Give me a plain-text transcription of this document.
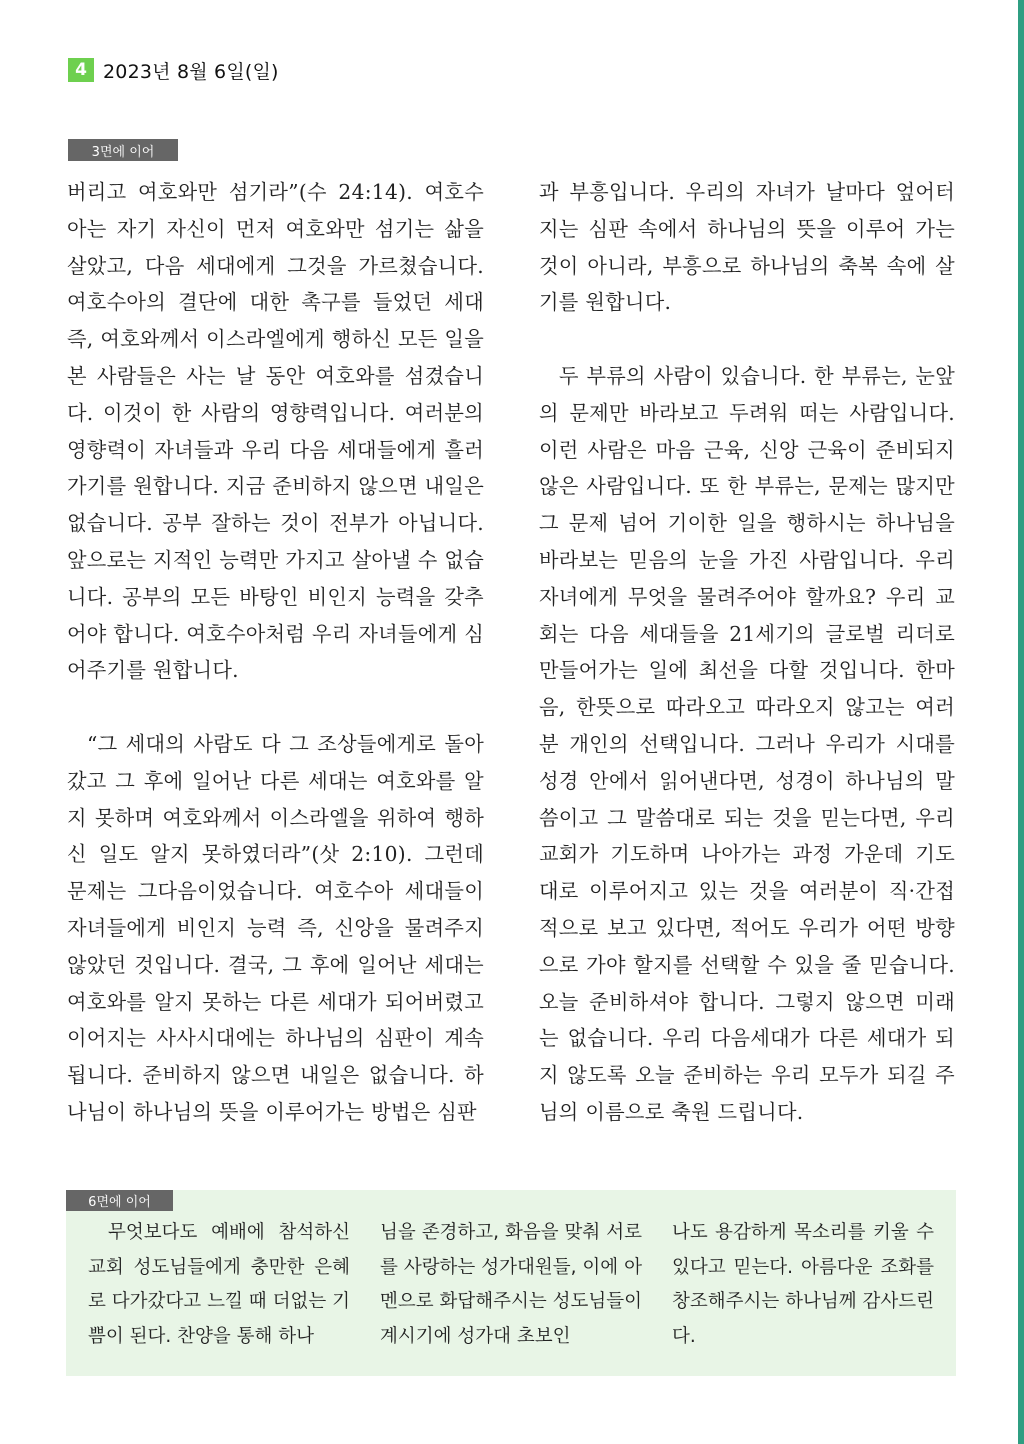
4 2023년 8월 6일(일)
3면에 이어

버리고 여호와만 섬기라”(수 24:14). 여호수아는 자기 자신이 먼저 여호와만 섬기는 삶을 살았고, 다음 세대에게 그것을 가르쳤습니다. 여호수아의 결단에 대한 촉구를 들었던 세대 즉, 여호와께서 이스라엘에게 행하신 모든 일을 본 사람들은 사는 날 동안 여호와를 섬겼습니다. 이것이 한 사람의 영향력입니다. 여러분의 영향력이 자녀들과 우리 다음 세대들에게 흘러가기를 원합니다. 지금 준비하지 않으면 내일은 없습니다. 공부 잘하는 것이 전부가 아닙니다. 앞으로는 지적인 능력만 가지고 살아낼 수 없습니다. 공부의 모든 바탕인 비인지 능력을 갖추어야 합니다. 여호수아처럼 우리 자녀들에게 심어주기를 원합니다.

“그 세대의 사람도 다 그 조상들에게로 돌아갔고 그 후에 일어난 다른 세대는 여호와를 알지 못하며 여호와께서 이스라엘을 위하여 행하신 일도 알지 못하였더라”(삿 2:10). 그런데 문제는 그다음이었습니다. 여호수아 세대들이 자녀들에게 비인지 능력 즉, 신앙을 물려주지 않았던 것입니다. 결국, 그 후에 일어난 세대는 여호와를 알지 못하는 다른 세대가 되어버렸고 이어지는 사사시대에는 하나님의 심판이 계속됩니다. 준비하지 않으면 내일은 없습니다. 하나님이 하나님의 뜻을 이루어가는 방법은 심판

과 부흥입니다. 우리의 자녀가 날마다 엎어터지는 심판 속에서 하나님의 뜻을 이루어 가는 것이 아니라, 부흥으로 하나님의 축복 속에 살기를 원합니다.

두 부류의 사람이 있습니다. 한 부류는, 눈앞의 문제만 바라보고 두려워 떠는 사람입니다. 이런 사람은 마음 근육, 신앙 근육이 준비되지 않은 사람입니다. 또 한 부류는, 문제는 많지만 그 문제 넘어 기이한 일을 행하시는 하나님을 바라보는 믿음의 눈을 가진 사람입니다. 우리 자녀에게 무엇을 물려주어야 할까요? 우리 교회는 다음 세대들을 21세기의 글로벌 리더로 만들어가는 일에 최선을 다할 것입니다. 한마음, 한뜻으로 따라오고 따라오지 않고는 여러분 개인의 선택입니다. 그러나 우리가 시대를 성경 안에서 읽어낸다면, 성경이 하나님의 말씀이고 그 말씀대로 되는 것을 믿는다면, 우리 교회가 기도하며 나아가는 과정 가운데 기도 대로 이루어지고 있는 것을 여러분이 직·간접적으로 보고 있다면, 적어도 우리가 어떤 방향으로 가야 할지를 선택할 수 있을 줄 믿습니다. 오늘 준비하셔야 합니다. 그렇지 않으면 미래는 없습니다. 우리 다음세대가 다른 세대가 되지 않도록 오늘 준비하는 우리 모두가 되길 주님의 이름으로 축원 드립니다.

6면에 이어

무엇보다도 예배에 참석하신 교회 성도님들에게 충만한 은혜로 다가갔다고 느낄 때 더없는 기쁨이 된다. 찬양을 통해 하나

님을 존경하고, 화음을 맞춰 서로를 사랑하는 성가대원들, 이에 아멘으로 화답해주시는 성도님들이 계시기에 성가대 초보인

나도 용감하게 목소리를 키울 수 있다고 믿는다. 아름다운 조화를 창조해주시는 하나님께 감사드린다.
